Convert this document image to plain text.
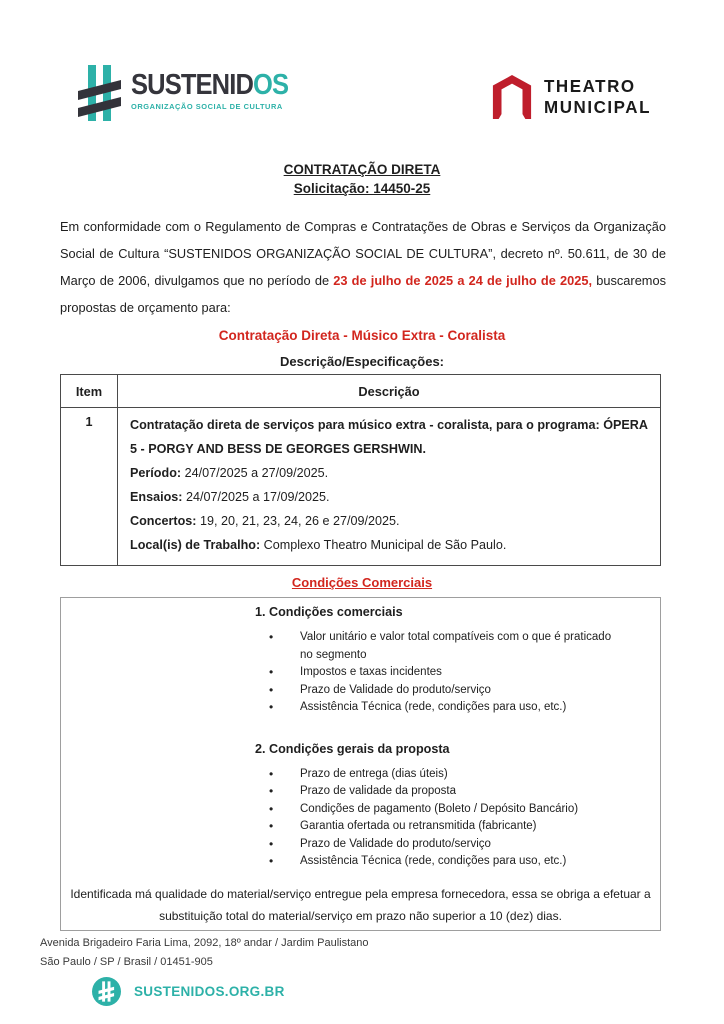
SUSTENIDOS
ORGANIZAÇÃO SOCIAL DE CULTURA
THEATRO
MUNICIPAL
CONTRATAÇÃO DIRETA
Solicitação: 14450-25

Em conformidade com o Regulamento de Compras e Contratações de Obras e Serviços da Organização Social de Cultura “SUSTENIDOS ORGANIZAÇÃO SOCIAL DE CULTURA”, decreto nº. 50.611, de 30 de Março de 2006, divulgamos que no período de 23 de julho de 2025 a 24 de julho de 2025, buscaremos propostas de orçamento para:

Contratação Direta - Músico Extra - Coralista
Descrição/Especificações:
Item	Descrição
1	Contratação direta de serviços para músico extra - coralista, para o programa: ÓPERA 5 - PORGY AND BESS DE GEORGES GERSHWIN.

Período: 24/07/2025 a 27/09/2025.
Ensaios: 24/07/2025 a 17/09/2025.
Concertos: 19, 20, 21, 23, 24, 26 e 27/09/2025.
Local(is) de Trabalho: Complexo Theatro Municipal de São Paulo.
Condições Comerciais
1. Condições comerciais
• Valor unitário e valor total compatíveis com o que é praticado no segmento
• Impostos e taxas incidentes
• Prazo de Validade do produto/serviço
• Assistência Técnica (rede, condições para uso, etc.)
2. Condições gerais da proposta
• Prazo de entrega (dias úteis)
• Prazo de validade da proposta
• Condições de pagamento (Boleto / Depósito Bancário)
• Garantia ofertada ou retransmitida (fabricante)
• Prazo de Validade do produto/serviço
• Assistência Técnica (rede, condições para uso, etc.)

Identificada má qualidade do material/serviço entregue pela empresa fornecedora, essa se obriga a efetuar a substituição total do material/serviço em prazo não superior a 10 (dez) dias.

Avenida Brigadeiro Faria Lima, 2092, 18º andar / Jardim Paulistano
São Paulo / SP / Brasil / 01451-905
SUSTENIDOS.ORG.BR
